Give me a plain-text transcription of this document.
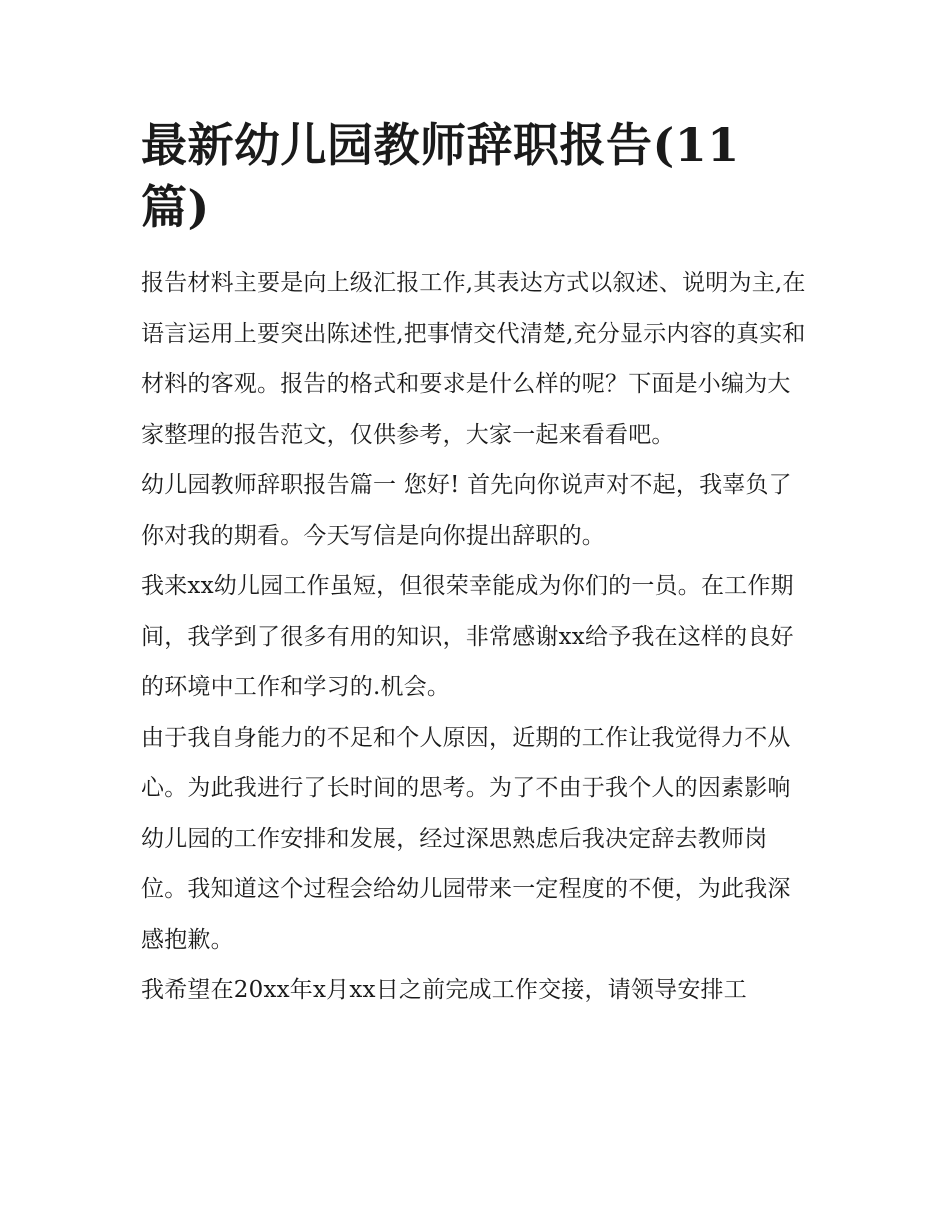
最新幼儿园教师辞职报告(11篇)

报告材料主要是向上级汇报工作,其表达方式以叙述、说明为主,在语言运用上要突出陈述性,把事情交代清楚,充分显示内容的真实和材料的客观。报告的格式和要求是什么样的呢？下面是小编为大家整理的报告范文，仅供参考，大家一起来看看吧。

幼儿园教师辞职报告篇一 您好! 首先向你说声对不起，我辜负了你对我的期看。今天写信是向你提出辞职的。

我来xx幼儿园工作虽短，但很荣幸能成为你们的一员。在工作期间，我学到了很多有用的知识，非常感谢xx给予我在这样的良好的环境中工作和学习的.机会。

由于我自身能力的不足和个人原因，近期的工作让我觉得力不从心。为此我进行了长时间的思考。为了不由于我个人的因素影响幼儿园的工作安排和发展，经过深思熟虑后我决定辞去教师岗位。我知道这个过程会给幼儿园带来一定程度的不便，为此我深感抱歉。

我希望在20xx年x月xx日之前完成工作交接，请领导安排工
